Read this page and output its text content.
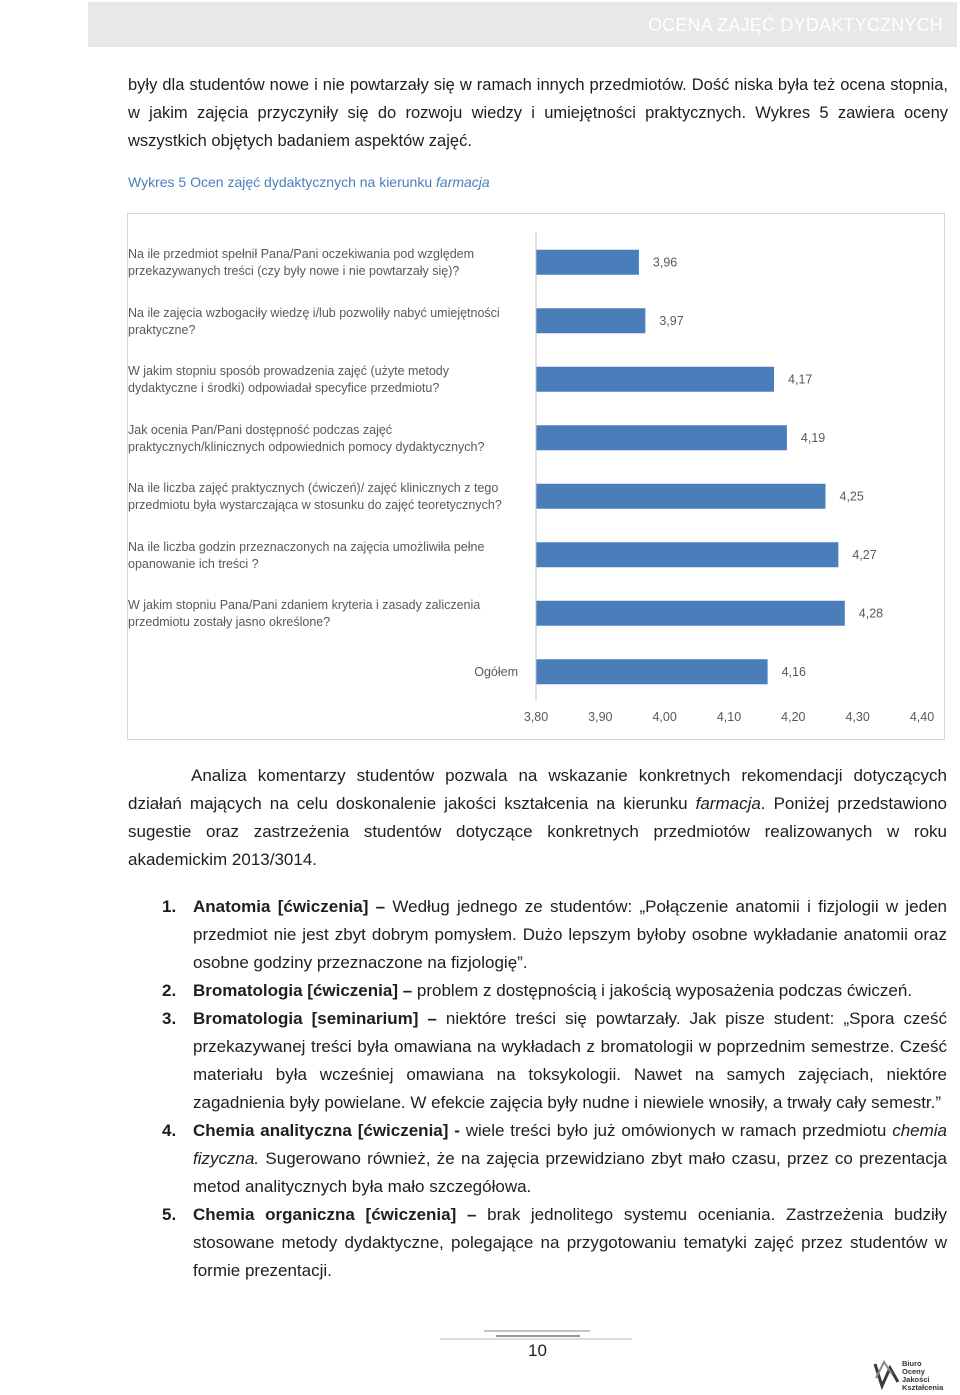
OCENA ZAJĘĆ DYDAKTYCZNYCH
były dla studentów nowe i nie powtarzały się w ramach innych przedmiotów. Dość niska była też ocena stopnia, w jakim zajęcia przyczyniły się do rozwoju wiedzy i umiejętności praktycznych. Wykres 5 zawiera oceny wszystkich objętych badaniem aspektów zajęć.
Wykres 5 Ocen zajęć dydaktycznych na kierunku farmacja
3,96
3,97
4,17
4,19
4,25
4,27
4,28
4,16
3,80	3,90	4,00	4,10	4,20	4,30	4,40
Na ile przedmiot spełnił Pana/Pani oczekiwania pod względem przekazywanych treści (czy były nowe i nie powtarzały się)?
Na ile zajęcia wzbogaciły wiedzę i/lub pozwoliły nabyć umiejętności praktyczne?
W jakim stopniu sposób prowadzenia zajęć (użyte metody dydaktyczne i środki) odpowiadał specyfice przedmiotu?
Jak ocenia Pan/Pani dostępność podczas zajęć praktycznych/klinicznych odpowiednich pomocy dydaktycznych?
Na ile liczba zajęć praktycznych (ćwiczeń)/ zajęć klinicznych z tego przedmiotu była wystarczająca w stosunku do zajęć teoretycznych?
Na ile liczba godzin przeznaczonych na zajęcia umożliwiła pełne opanowanie ich treści ?
W jakim stopniu Pana/Pani zdaniem kryteria i zasady zaliczenia przedmiotu zostały jasno określone?
Ogółem
Analiza komentarzy studentów pozwala na wskazanie konkretnych rekomendacji dotyczących działań mających na celu doskonalenie jakości kształcenia na kierunku farmacja. Poniżej przedstawiono sugestie oraz zastrzeżenia studentów dotyczące konkretnych przedmiotów realizowanych w roku akademickim 2013/3014.
1. Anatomia [ćwiczenia] – Według jednego ze studentów: „Połączenie anatomii i fizjologii w jeden przedmiot nie jest zbyt dobrym pomysłem. Dużo lepszym byłoby osobne wykładanie anatomii oraz osobne godziny przeznaczone na fizjologię”.
2. Bromatologia [ćwiczenia] – problem z dostępnością i jakością wyposażenia podczas ćwiczeń.
3. Bromatologia [seminarium] – niektóre treści się powtarzały. Jak pisze student: „Spora cześć przekazywanej treści była omawiana na wykładach z bromatologii w poprzednim semestrze. Cześć materiału była wcześniej omawiana na toksykologii. Nawet na samych zajęciach, niektóre zagadnienia były powielane. W efekcie zajęcia były nudne i niewiele wnosiły, a trwały cały semestr.”
4. Chemia analityczna [ćwiczenia] - wiele treści było już omówionych w ramach przedmiotu chemia fizyczna. Sugerowano również, że na zajęcia przewidziano zbyt mało czasu, przez co prezentacja metod analitycznych była mało szczegółowa.
5. Chemia organiczna [ćwiczenia] – brak jednolitego systemu oceniania. Zastrzeżenia budziły stosowane metody dydaktyczne, polegające na przygotowaniu tematyki zajęć przez studentów w formie prezentacji.
10
Biuro
Oceny
Jakości
Kształcenia
